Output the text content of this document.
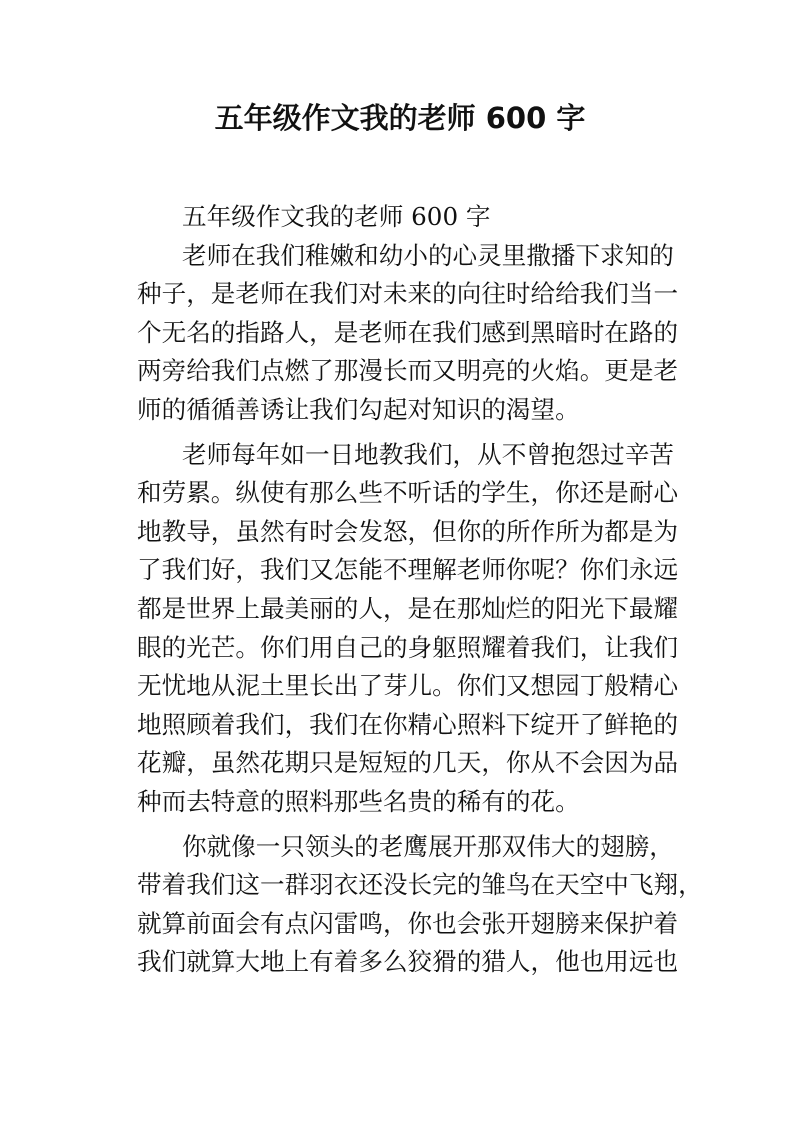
五年级作文我的老师 600 字
五年级作文我的老师 600 字
老师在我们稚嫩和幼小的心灵里撒播下求知的
种子，是老师在我们对未来的向往时给给我们当一
个无名的指路人，是老师在我们感到黑暗时在路的
两旁给我们点燃了那漫长而又明亮的火焰。更是老
师的循循善诱让我们勾起对知识的渴望。
老师每年如一日地教我们，从不曾抱怨过辛苦
和劳累。纵使有那么些不听话的学生，你还是耐心
地教导，虽然有时会发怒，但你的所作所为都是为
了我们好，我们又怎能不理解老师你呢？你们永远
都是世界上最美丽的人，是在那灿烂的阳光下最耀
眼的光芒。你们用自己的身躯照耀着我们，让我们
无忧地从泥土里长出了芽儿。你们又想园丁般精心
地照顾着我们，我们在你精心照料下绽开了鲜艳的
花瓣，虽然花期只是短短的几天，你从不会因为品
种而去特意的照料那些名贵的稀有的花。
你就像一只领头的老鹰展开那双伟大的翅膀，
带着我们这一群羽衣还没长完的雏鸟在天空中飞翔，
就算前面会有点闪雷鸣，你也会张开翅膀来保护着
我们就算大地上有着多么狡猾的猎人，他也用远也
